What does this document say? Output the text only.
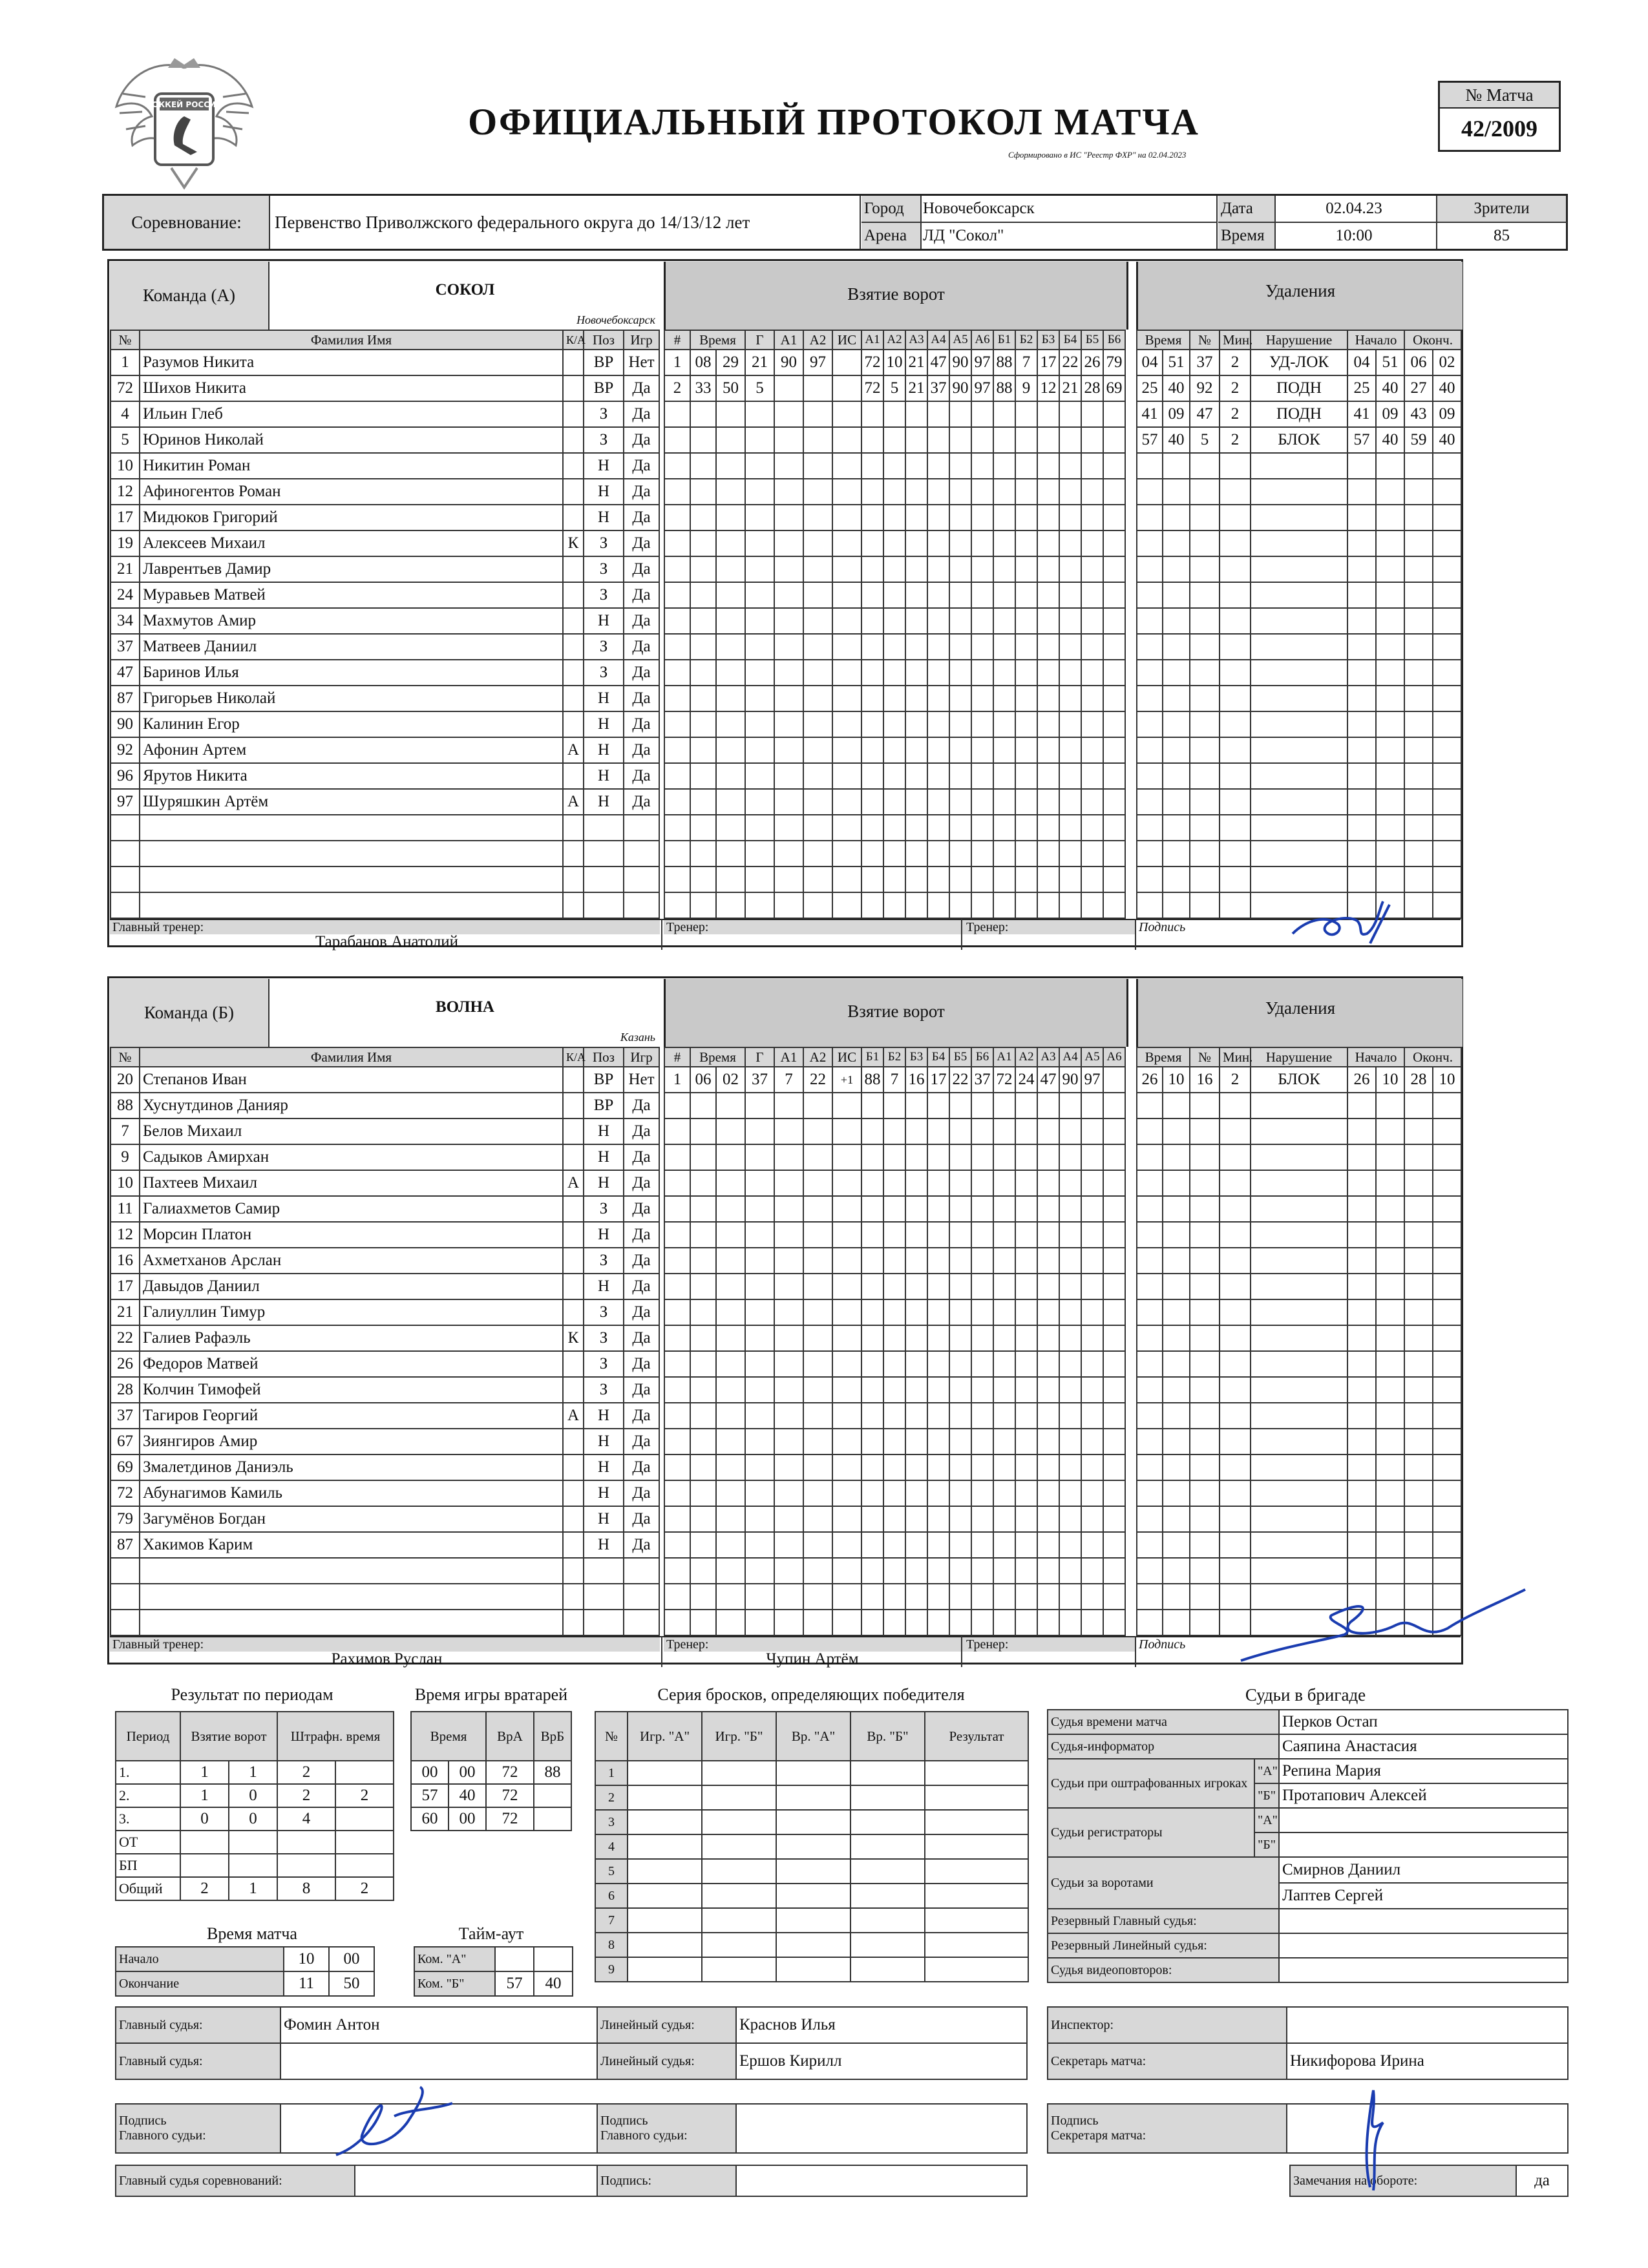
ХОККЕЙ РОССИИ	ОФИЦИАЛЬНЫЙ ПРОТОКОЛ МАТЧА
Сформировано в ИС "Реестр ФХР" на 02.04.2023
№ Матча
42/2009
Соревнование:	Первенство Приволжского федерального округа до 14/13/12 лет
Город	Новочебоксарск
Арена ЛД "Сокол"
Дата	02.04.23
Время	10:00
Зрители
85
Команда (А)	СОКОЛ
Новочебоксарск
Взятие ворот	Удаления
№	Фамилия Имя	К/А	Поз	Игр
1	Разумов Никита		ВР	Нет
72	Шихов Никита		ВР	Да
4	Ильин Глеб		З	Да
5	Юринов Николай		З	Да
10	Никитин Роман		Н	Да
12	Афиногентов Роман		Н	Да
17	Мидюков Григорий		Н	Да
19	Алексеев Михаил	К	З	Да
21	Лаврентьев Дамир		З	Да
24	Муравьев Матвей		З	Да
34	Махмутов Амир		Н	Да
37	Матвеев Даниил		З	Да
47	Баринов Илья		З	Да
87	Григорьев Николай		Н	Да
90	Калинин Егор		Н	Да
92	Афонин Артем	А	Н	Да
96	Ярутов Никита		Н	Да
97	Шуряшкин Артём	А	Н	Да

#	Время		Г	А1	А2	ИС	А1	А2	А3	А4	А5	А6	Б1	Б2	Б3	Б4	Б5	Б6
1	08	29	21	90	97		72	10	21	47	90	97	88	7	17	22	26	79
2	33	50	5				72	5	21	37	90	97	88	9	12	21	28	69

Время		№	Мин.	Нарушение	Начало		Оконч.	
04	51	37	2	УД-ЛОК	04	51	06	02
25	40	92	2	ПОДН	25	40	27	40
41	09	47	2	ПОДН	41	09	43	09
57	40	5	2	БЛОК	57	40	59	40

Главный тренер:
Тарабанов Анатолий
Тренер:	Тренер:	Подпись
Команда (Б)	ВОЛНА
Казань
Взятие ворот	Удаления
№	Фамилия Имя	К/А	Поз	Игр
20	Степанов Иван		ВР	Нет
88	Хуснутдинов Данияр		ВР	Да
7	Белов Михаил		Н	Да
9	Садыков Амирхан		Н	Да
10	Пахтеев Михаил	А	Н	Да
11	Галиахметов Самир		З	Да
12	Морсин Платон		Н	Да
16	Ахметханов Арслан		З	Да
17	Давыдов Даниил		Н	Да
21	Галиуллин Тимур		З	Да
22	Галиев Рафаэль	К	З	Да
26	Федоров Матвей		З	Да
28	Колчин Тимофей		З	Да
37	Тагиров Георгий	А	Н	Да
67	Зиянгиров Амир		Н	Да
69	Змалетдинов Даниэль		Н	Да
72	Абунагимов Камиль		Н	Да
79	Загумёнов Богдан		Н	Да
87	Хакимов Карим		Н	Да

#	Время		Г	А1	А2	ИС	Б1	Б2	Б3	Б4	Б5	Б6	А1	А2	А3	А4	А5	А6
1	06	02	37	7	22	+1	88	7	16	17	22	37	72	24	47	90	97	

Время		№	Мин.	Нарушение	Начало		Оконч.	
26	10	16	2	БЛОК	26	10	28	10

Главный тренер:
Рахимов Руслан
Тренер:
Чупин Артём
Тренер:	Подпись
Результат по периодам
Период	Взятие ворот		Штрафн. время	
1.	1	1	2	
2.	1	0	2	2
3.	0	0	4	
ОТ				
БП				
Общий	2	1	8	2
Время игры вратарей
Время		ВрА	ВрБ
00	00	72	88
57	40	72	
60	00	72	
Серия бросков, определяющих победителя
№	Игр. "А"	Игр. "Б"	Вр. "А"	Вр. "Б"	Результат
1					
2					
3					
4					
5					
6					
7					
8					
9					
Время матча
Начало	10	00
Окончание	11	50
Тайм-аут
Ком. "А"		
Ком. "Б"	57	40
Судьи в бригаде
Судья времени матча		Перков Остап
Судья-информатор		Саяпина Анастасия
Судьи при оштрафованных игроках	"А"	Репина Мария
	"Б"	Протапович Алексей
Судьи регистраторы	"А"	
	"Б"	
Судьи за воротами		Смирнов Даниил
		Лаптев Сергей
Резервный Главный судья:		
Резервный Линейный судья:		
Судья видеоповторов:		
Главный судья:	Фомин Антон	Линейный судья:	Краснов Илья
Главный судья:		Линейный судья:	Ершов Кирилл
Инспектор:	
Секретарь матча:	Никифорова Ирина
Подпись
Главного судьи:

Подпись
Главного судьи:

Подпись
Секретаря матча:

Главный судья соревнований:		Подпись:		Замечания на обороте:	да
